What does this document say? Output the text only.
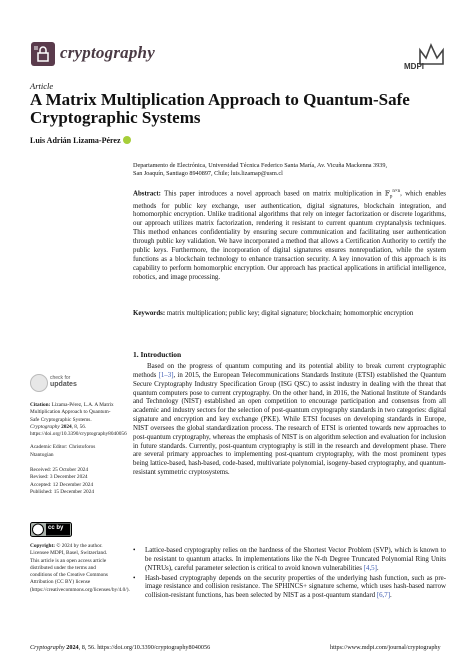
cryptography
MDPI
Article
A Matrix Multiplication Approach to Quantum-Safe Cryptographic Systems
Luis Adrián Lizama-Pérez
Departamento de Electrónica, Universidad Técnica Federico Santa María, Av. Vicuña Mackenna 3939,
San Joaquín, Santiago 8940897, Chile; luis.lizamap@usm.cl
Abstract: This paper introduces a novel approach based on matrix multiplication in 𝔽$_p^{n\times n}$, which enables methods for public key exchange, user authentication, digital signatures, blockchain integration, and homomorphic encryption. Unlike traditional algorithms that rely on integer factorization or discrete logarithms, our approach utilizes matrix factorization, rendering it resistant to current quantum cryptanalysis techniques. This method enhances confidentiality by ensuring secure communication and facilitating user authentication through public key validation. We have incorporated a method that allows a Certification Authority to certify the public keys. Furthermore, the incorporation of digital signatures ensures nonrepudiation, while the system functions as a blockchain technology to enhance transaction security. A key innovation of this approach is its capability to perform homomorphic encryption. Our approach has practical applications in artificial intelligence, robotics, and image processing.
Keywords: matrix multiplication; public key; digital signature; blockchain; homomorphic encryption
1. Introduction

Based on the progress of quantum computing and its potential ability to break current cryptographic methods [1–3], in 2015, the European Telecommunications Standards Institute (ETSI) established the Quantum Secure Cryptography Industry Specification Group (ISG QSC) to assist industry in dealing with the threat that quantum computers pose to current cryptography. On the other hand, in 2016, the National Institute of Standards and Technology (NIST) established an open competition to encourage participation and consensus from all academic and industry sectors for the selection of post-quantum cryptography standards in two categories: digital signature and encryption and key exchange (PKE). While ETSI focuses on developing standards in Europe, NIST oversees the global standardization process. The research of ETSI is oriented towards new approaches to post-quantum cryptography, whereas the emphasis of NIST is on algorithm selection and evaluation for inclusion in future standards. Currently, post-quantum cryptography is still in the research and development phase. There are several primary approaches to implementing post-quantum cryptography, with the most prominent types being lattice-based, hash-based, code-based, multivariate polynomial, isogeny-based cryptography, and quantum-resistant symmetric cryptosystems.

• Lattice-based cryptography relies on the hardness of the Shortest Vector Problem (SVP), which is known to be resistant to quantum attacks. In implementations like the N-th Degree Truncated Polynomial Ring Units (NTRUs), careful parameter selection is critical to avoid known vulnerabilities [4,5].
• Hash-based cryptography depends on the security properties of the underlying hash function, such as pre-image resistance and collision resistance. The SPHINCS+ signature scheme, which uses hash-based narrow collision-resistant functions, has been selected by NIST as a post-quantum standard [6,7].
check for
updates

Citation: Lizama-Pérez, L.A. A Matrix Multiplication Approach to Quantum-Safe Cryptographic Systems. Cryptography 2024, 8, 56. https://doi.org/10.3390/cryptography8040056

Academic Editor: Christoforos Ntantogian

Received: 25 October 2024
Revised: 3 December 2024
Accepted: 12 December 2024
Published: 15 December 2024

cc by
Copyright: © 2024 by the author. Licensee MDPI, Basel, Switzerland. This article is an open access article distributed under the terms and conditions of the Creative Commons Attribution (CC BY) license (https://creativecommons.org/licenses/by/4.0/).
Cryptography 2024, 8, 56. https://doi.org/10.3390/cryptography8040056	https://www.mdpi.com/journal/cryptography
